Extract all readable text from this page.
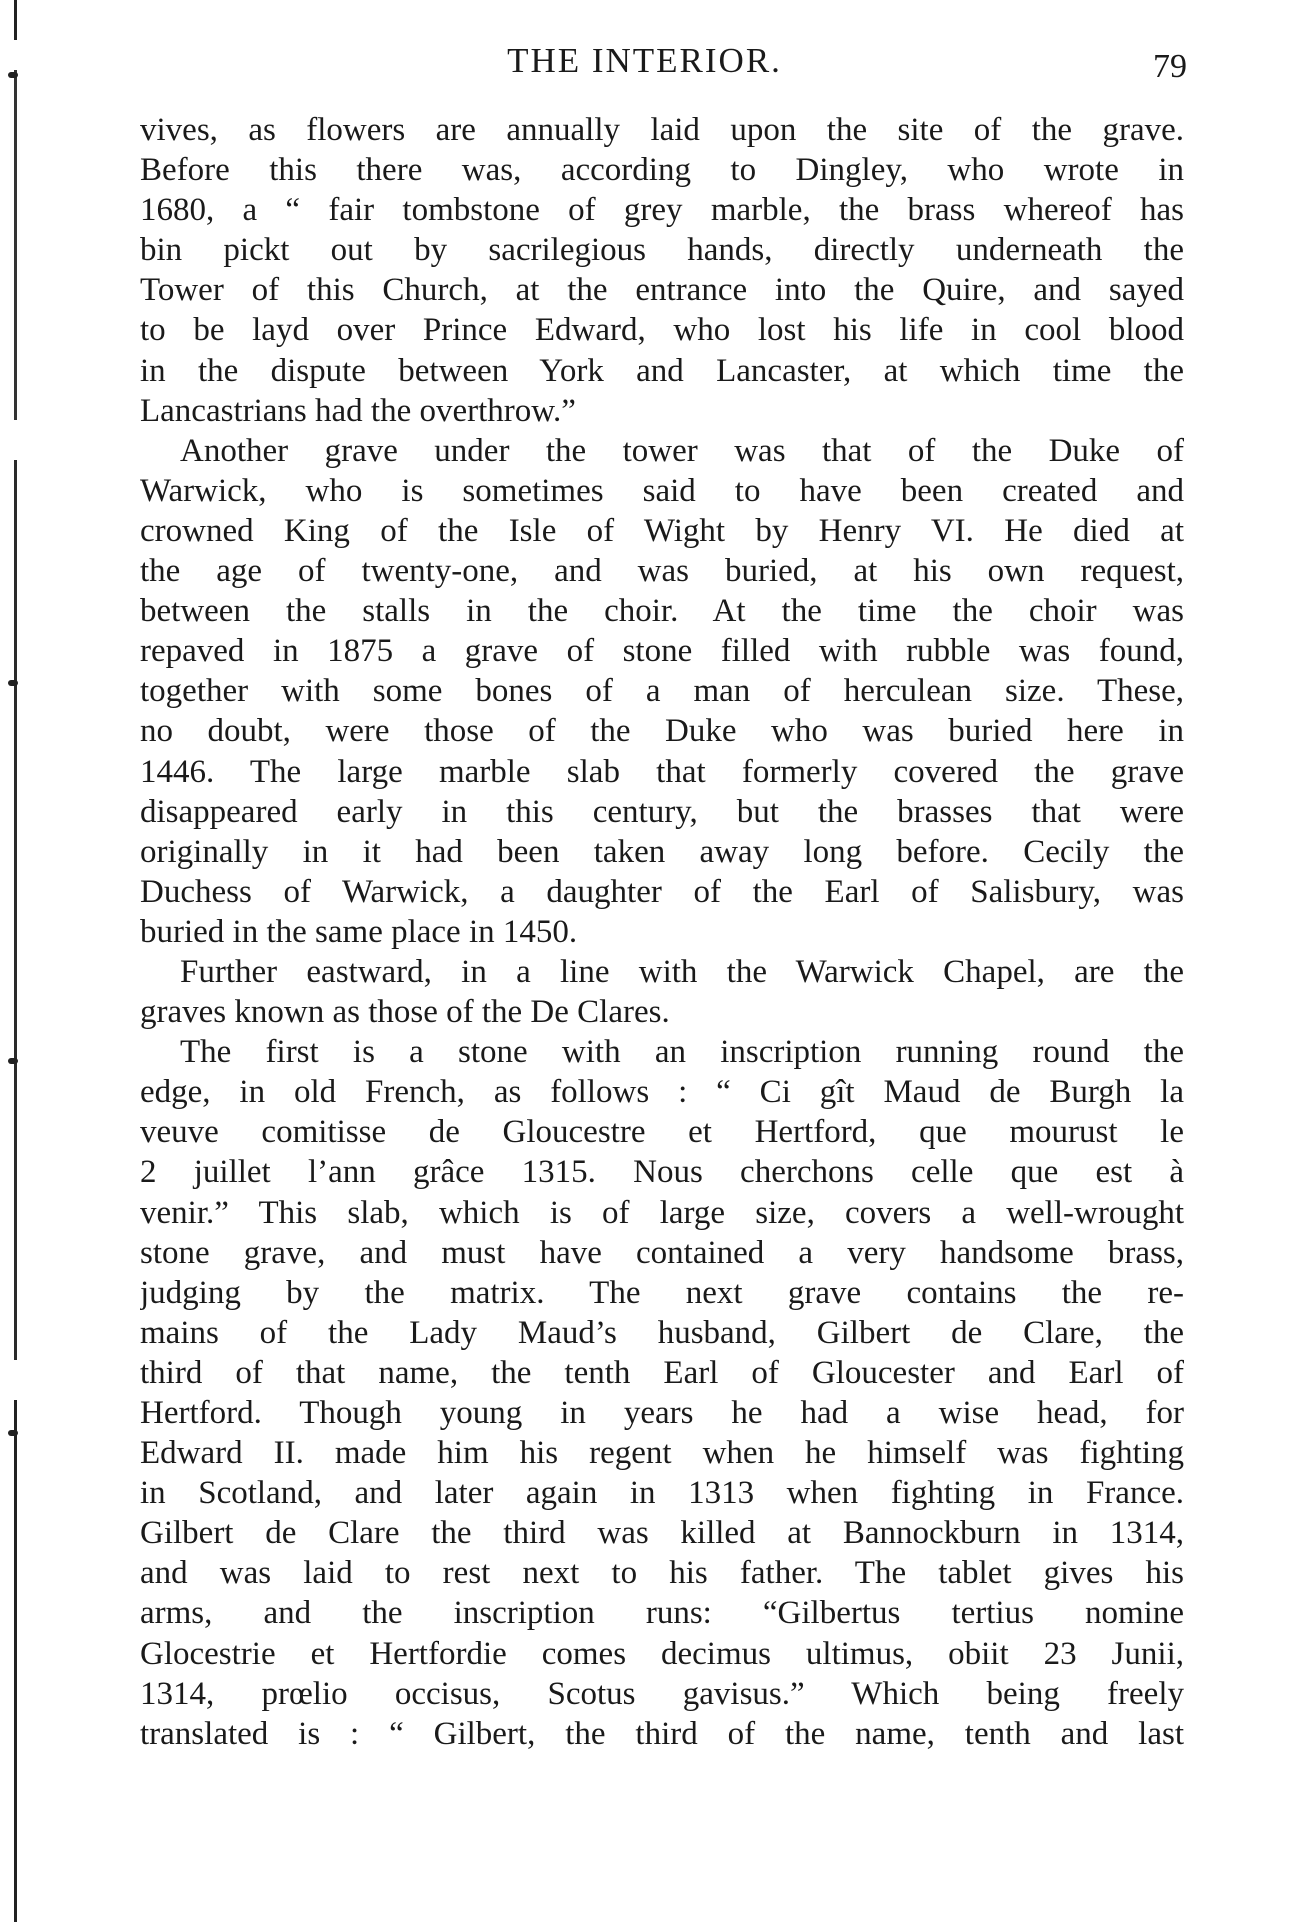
THE INTERIOR.	79
vives, as flowers are annually laid upon the site of the grave.
Before this there was, according to Dingley, who wrote in
1680, a “ fair tombstone of grey marble, the brass whereof has
bin pickt out by sacrilegious hands, directly underneath the
Tower of this Church, at the entrance into the Quire, and sayed
to be layd over Prince Edward, who lost his life in cool blood
in the dispute between York and Lancaster, at which time the
Lancastrians had the overthrow.”
Another grave under the tower was that of the Duke of
Warwick, who is sometimes said to have been created and
crowned King of the Isle of Wight by Henry VI. He died at
the age of twenty-one, and was buried, at his own request,
between the stalls in the choir. At the time the choir was
repaved in 1875 a grave of stone filled with rubble was found,
together with some bones of a man of herculean size. These,
no doubt, were those of the Duke who was buried here in
1446. The large marble slab that formerly covered the grave
disappeared early in this century, but the brasses that were
originally in it had been taken away long before. Cecily the
Duchess of Warwick, a daughter of the Earl of Salisbury, was
buried in the same place in 1450.
Further eastward, in a line with the Warwick Chapel, are the
graves known as those of the De Clares.
The first is a stone with an inscription running round the
edge, in old French, as follows : “ Ci gît Maud de Burgh la
veuve comitisse de Gloucestre et Hertford, que mourust le
2 juillet l’ann grâce 1315. Nous cherchons celle que est à
venir.” This slab, which is of large size, covers a well-wrought
stone grave, and must have contained a very handsome brass,
judging by the matrix. The next grave contains the re-
mains of the Lady Maud’s husband, Gilbert de Clare, the
third of that name, the tenth Earl of Gloucester and Earl of
Hertford. Though young in years he had a wise head, for
Edward II. made him his regent when he himself was fighting
in Scotland, and later again in 1313 when fighting in France.
Gilbert de Clare the third was killed at Bannockburn in 1314,
and was laid to rest next to his father. The tablet gives his
arms, and the inscription runs: “Gilbertus tertius nomine
Glocestrie et Hertfordie comes decimus ultimus, obiit 23 Junii,
1314, prœlio occisus, Scotus gavisus.” Which being freely
translated is : “ Gilbert, the third of the name, tenth and last
